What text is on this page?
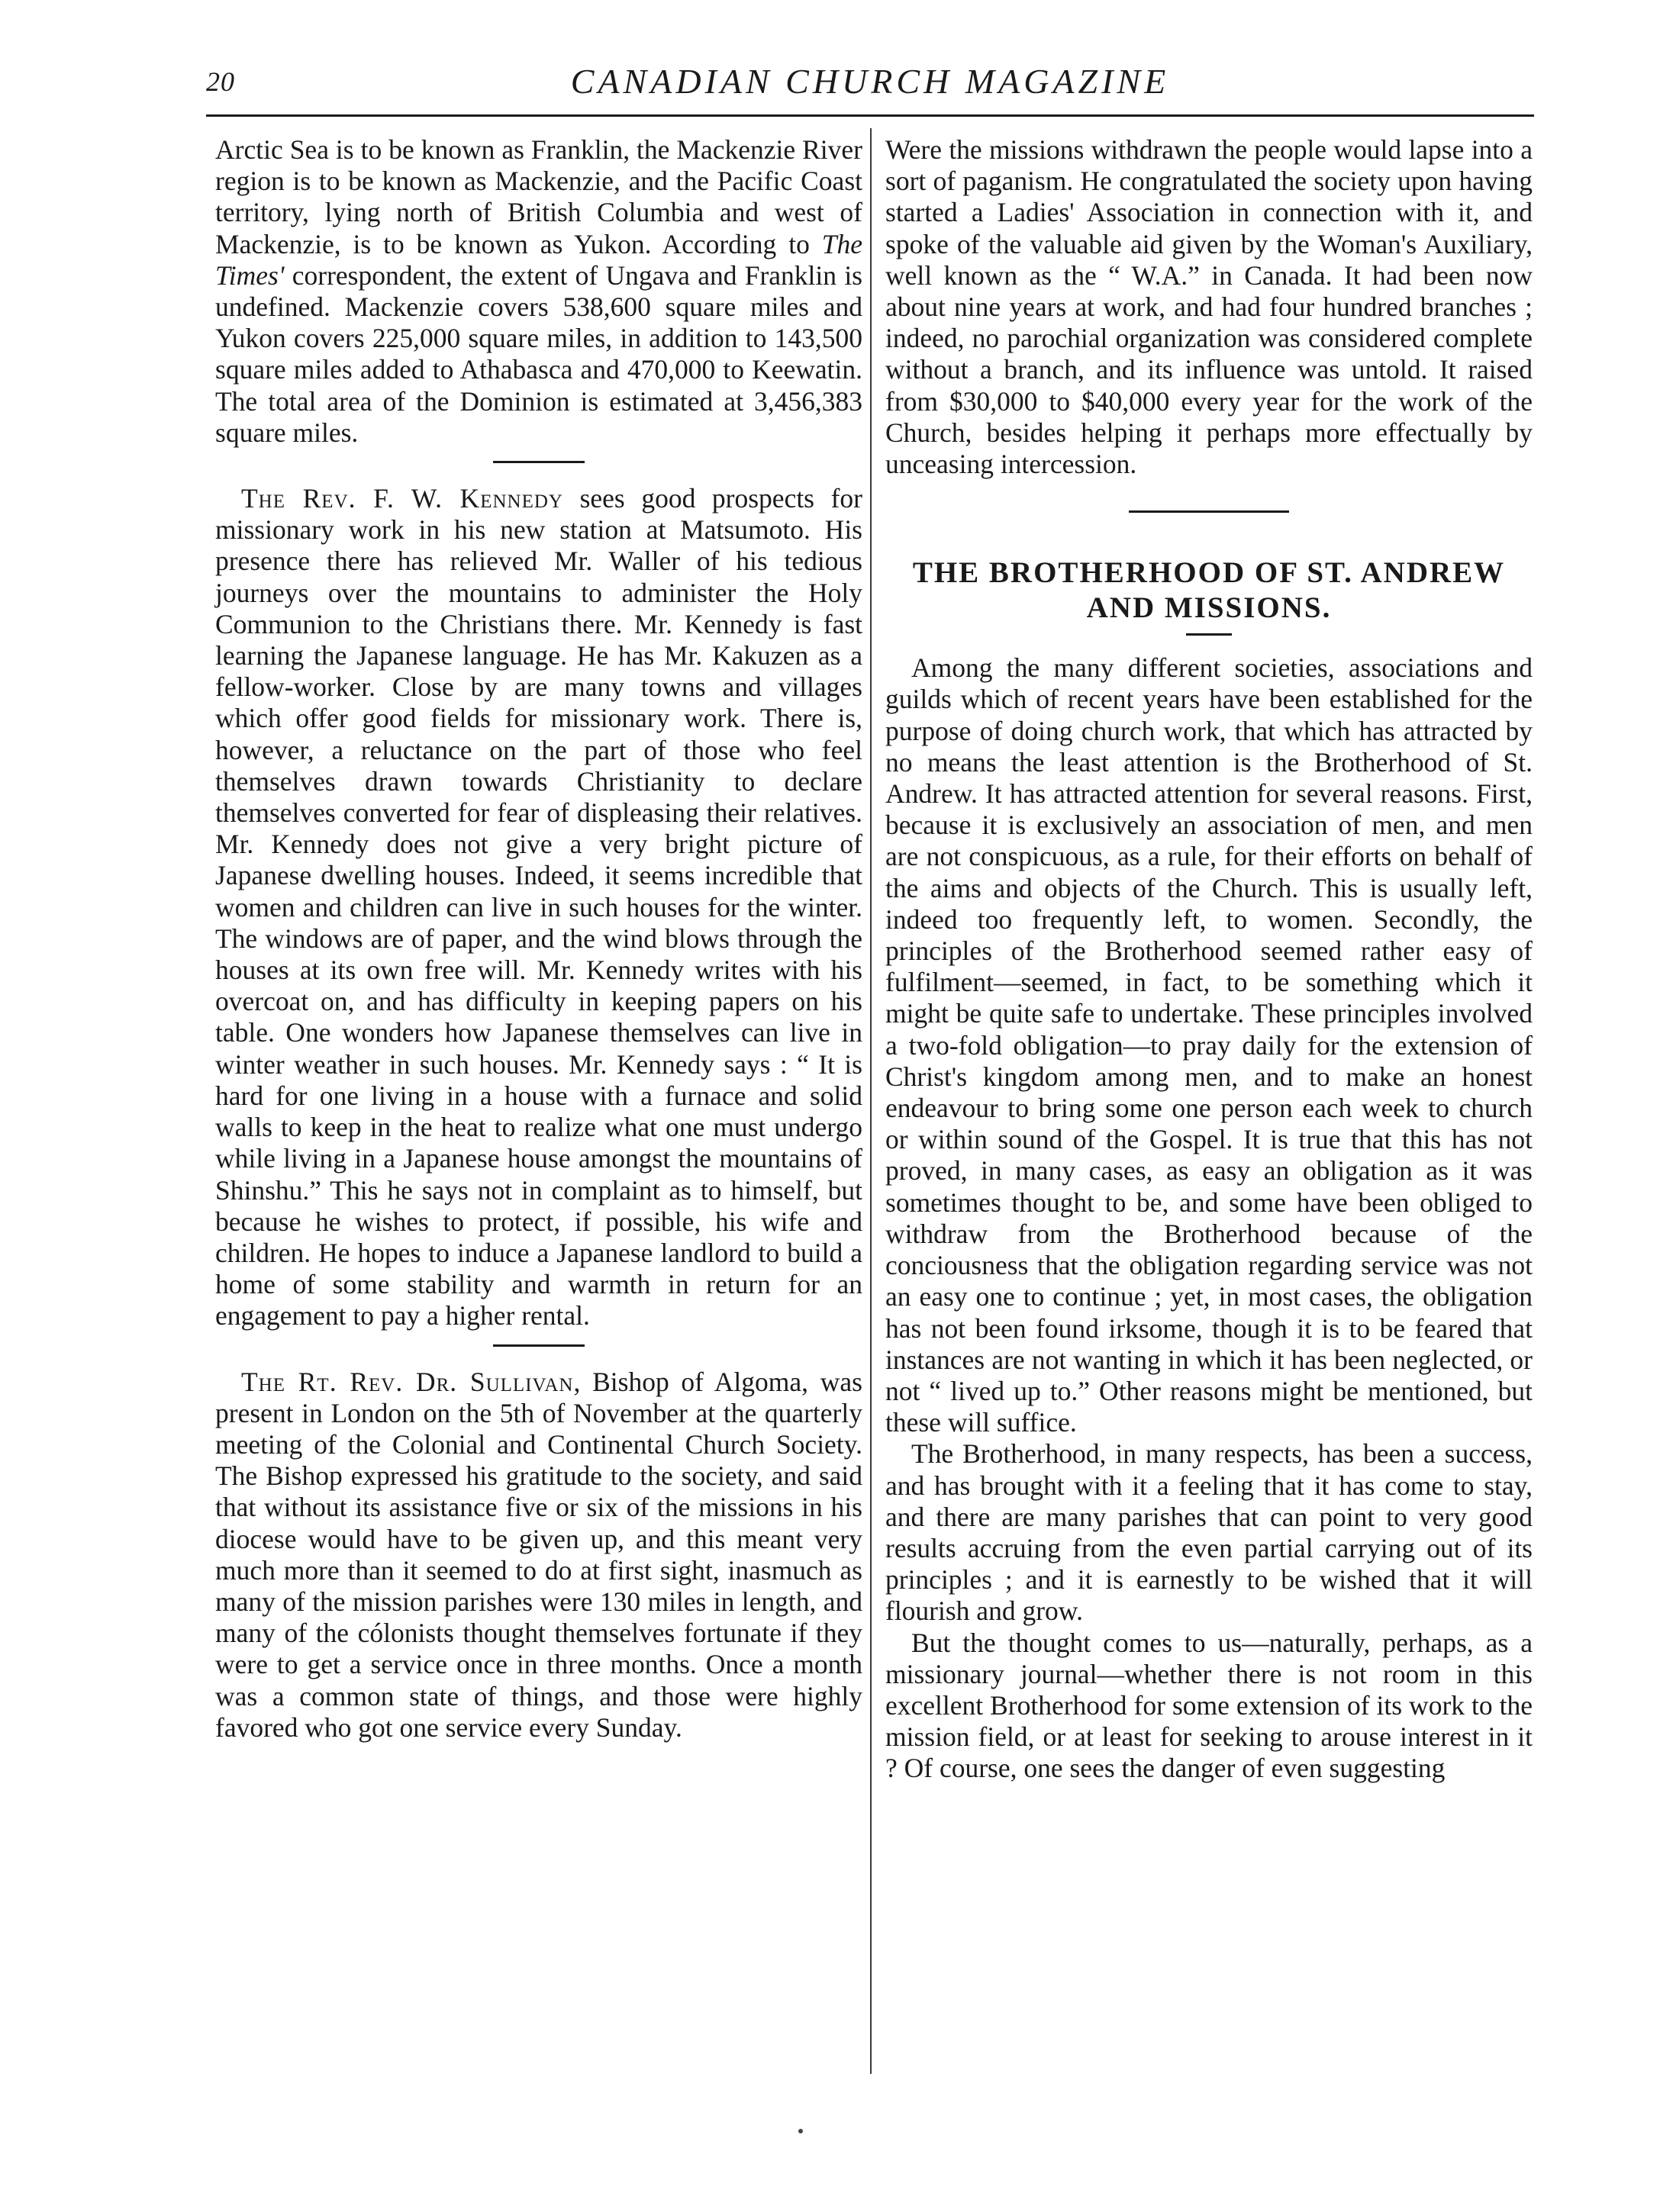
20	CANADIAN CHURCH MAGAZINE

Arctic Sea is to be known as Franklin, the Mackenzie River region is to be known as Mackenzie, and the Pacific Coast territory, lying north of British Columbia and west of Mackenzie, is to be known as Yukon. According to The Times' correspondent, the extent of Ungava and Franklin is undefined. Mackenzie covers 538,600 square miles and Yukon covers 225,000 square miles, in addition to 143,500 square miles added to Athabasca and 470,000 to Keewatin. The total area of the Dominion is estimated at 3,456,383 square miles.

The Rev. F. W. Kennedy sees good prospects for missionary work in his new station at Matsumoto. His presence there has relieved Mr. Waller of his tedious journeys over the mountains to administer the Holy Communion to the Christians there. Mr. Kennedy is fast learning the Japanese language. He has Mr. Kakuzen as a fellow-worker. Close by are many towns and villages which offer good fields for missionary work. There is, however, a reluctance on the part of those who feel themselves drawn towards Christianity to declare themselves converted for fear of displeasing their relatives. Mr. Kennedy does not give a very bright picture of Japanese dwelling houses. Indeed, it seems incredible that women and children can live in such houses for the winter. The windows are of paper, and the wind blows through the houses at its own free will. Mr. Kennedy writes with his overcoat on, and has difficulty in keeping papers on his table. One wonders how Japanese themselves can live in winter weather in such houses. Mr. Kennedy says : “ It is hard for one living in a house with a furnace and solid walls to keep in the heat to realize what one must undergo while living in a Japanese house amongst the mountains of Shinshu.” This he says not in complaint as to himself, but because he wishes to protect, if possible, his wife and children. He hopes to induce a Japanese landlord to build a home of some stability and warmth in return for an engagement to pay a higher rental.

The Rt. Rev. Dr. Sullivan, Bishop of Algoma, was present in London on the 5th of November at the quarterly meeting of the Colonial and Continental Church Society. The Bishop expressed his gratitude to the society, and said that without its assistance five or six of the missions in his diocese would have to be given up, and this meant very much more than it seemed to do at first sight, inasmuch as many of the mission parishes were 130 miles in length, and many of the cólonists thought themselves fortunate if they were to get a service once in three months. Once a month was a common state of things, and those were highly favored who got one service every Sunday.

Were the missions withdrawn the people would lapse into a sort of paganism. He congratulated the society upon having started a Ladies' Association in connection with it, and spoke of the valuable aid given by the Woman's Auxiliary, well known as the “ W.A.” in Canada. It had been now about nine years at work, and had four hundred branches ; indeed, no parochial organization was considered complete without a branch, and its influence was untold. It raised from $30,000 to $40,000 every year for the work of the Church, besides helping it perhaps more effectually by unceasing intercession.

THE BROTHERHOOD OF ST. ANDREW
AND MISSIONS.

Among the many different societies, associations and guilds which of recent years have been established for the purpose of doing church work, that which has attracted by no means the least attention is the Brotherhood of St. Andrew. It has attracted attention for several reasons. First, because it is exclusively an association of men, and men are not conspicuous, as a rule, for their efforts on behalf of the aims and objects of the Church. This is usually left, indeed too frequently left, to women. Secondly, the principles of the Brotherhood seemed rather easy of fulfilment—seemed, in fact, to be something which it might be quite safe to undertake. These principles involved a two-fold obligation—to pray daily for the extension of Christ's kingdom among men, and to make an honest endeavour to bring some one person each week to church or within sound of the Gospel. It is true that this has not proved, in many cases, as easy an obligation as it was sometimes thought to be, and some have been obliged to withdraw from the Brotherhood because of the conciousness that the obligation regarding service was not an easy one to continue ; yet, in most cases, the obligation has not been found irksome, though it is to be feared that instances are not wanting in which it has been neglected, or not “ lived up to.” Other reasons might be mentioned, but these will suffice.

The Brotherhood, in many respects, has been a success, and has brought with it a feeling that it has come to stay, and there are many parishes that can point to very good results accruing from the even partial carrying out of its principles ; and it is earnestly to be wished that it will flourish and grow.

But the thought comes to us—naturally, perhaps, as a missionary journal—whether there is not room in this excellent Brotherhood for some extension of its work to the mission field, or at least for seeking to arouse interest in it ? Of course, one sees the danger of even suggesting
